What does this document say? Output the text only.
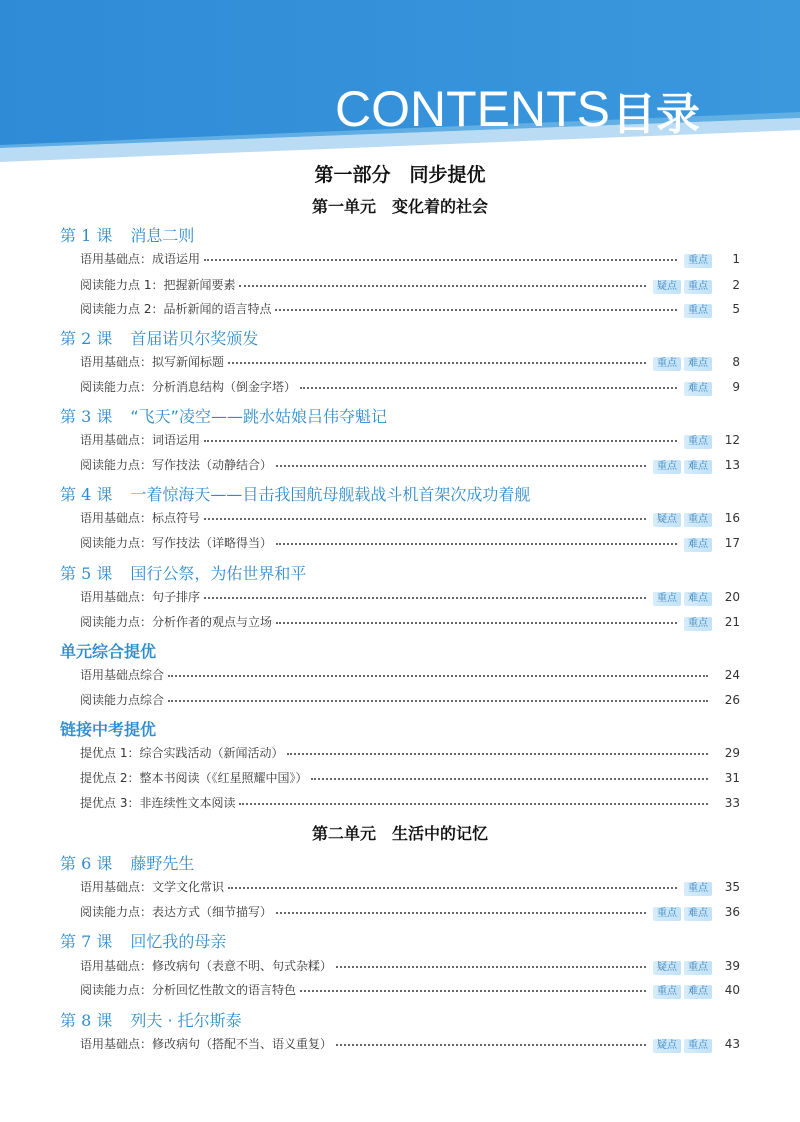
CONTENTS 目录
第一部分　同步提优
第一单元　变化着的社会
第二单元　生活中的记忆
第 1 课 消息二则
第 2 课 首届诺贝尔奖颁发
第 3 课 “飞天”凌空——跳水姑娘吕伟夺魁记
第 4 课 一着惊海天——目击我国航母舰载战斗机首架次成功着舰
第 5 课 国行公祭，为佑世界和平
第 6 课 藤野先生
第 7 课 回忆我的母亲
第 8 课 列夫 · 托尔斯泰
单元综合提优
链接中考提优
语用基础点：成语运用	重点	1
阅读能力点 1：把握新闻要素	疑点 重点	2
阅读能力点 2：品析新闻的语言特点	重点	5
语用基础点：拟写新闻标题	重点 难点	8
阅读能力点：分析消息结构（倒金字塔）	难点	9
语用基础点：词语运用	重点	12
阅读能力点：写作技法（动静结合）	重点 难点	13
语用基础点：标点符号	疑点 重点	16
阅读能力点：写作技法（详略得当）	难点	17
语用基础点：句子排序	重点 难点	20
阅读能力点：分析作者的观点与立场	重点	21
语用基础点综合	24
阅读能力点综合	26
提优点 1：综合实践活动（新闻活动）	29
提优点 2：整本书阅读（《红星照耀中国》）	31
提优点 3：非连续性文本阅读	33
语用基础点：文学文化常识	重点	35
阅读能力点：表达方式（细节描写）	重点 难点	36
语用基础点：修改病句（表意不明、句式杂糅）	疑点 重点	39
阅读能力点：分析回忆性散文的语言特色	重点 难点	40
语用基础点：修改病句（搭配不当、语义重复）	疑点 重点	43
